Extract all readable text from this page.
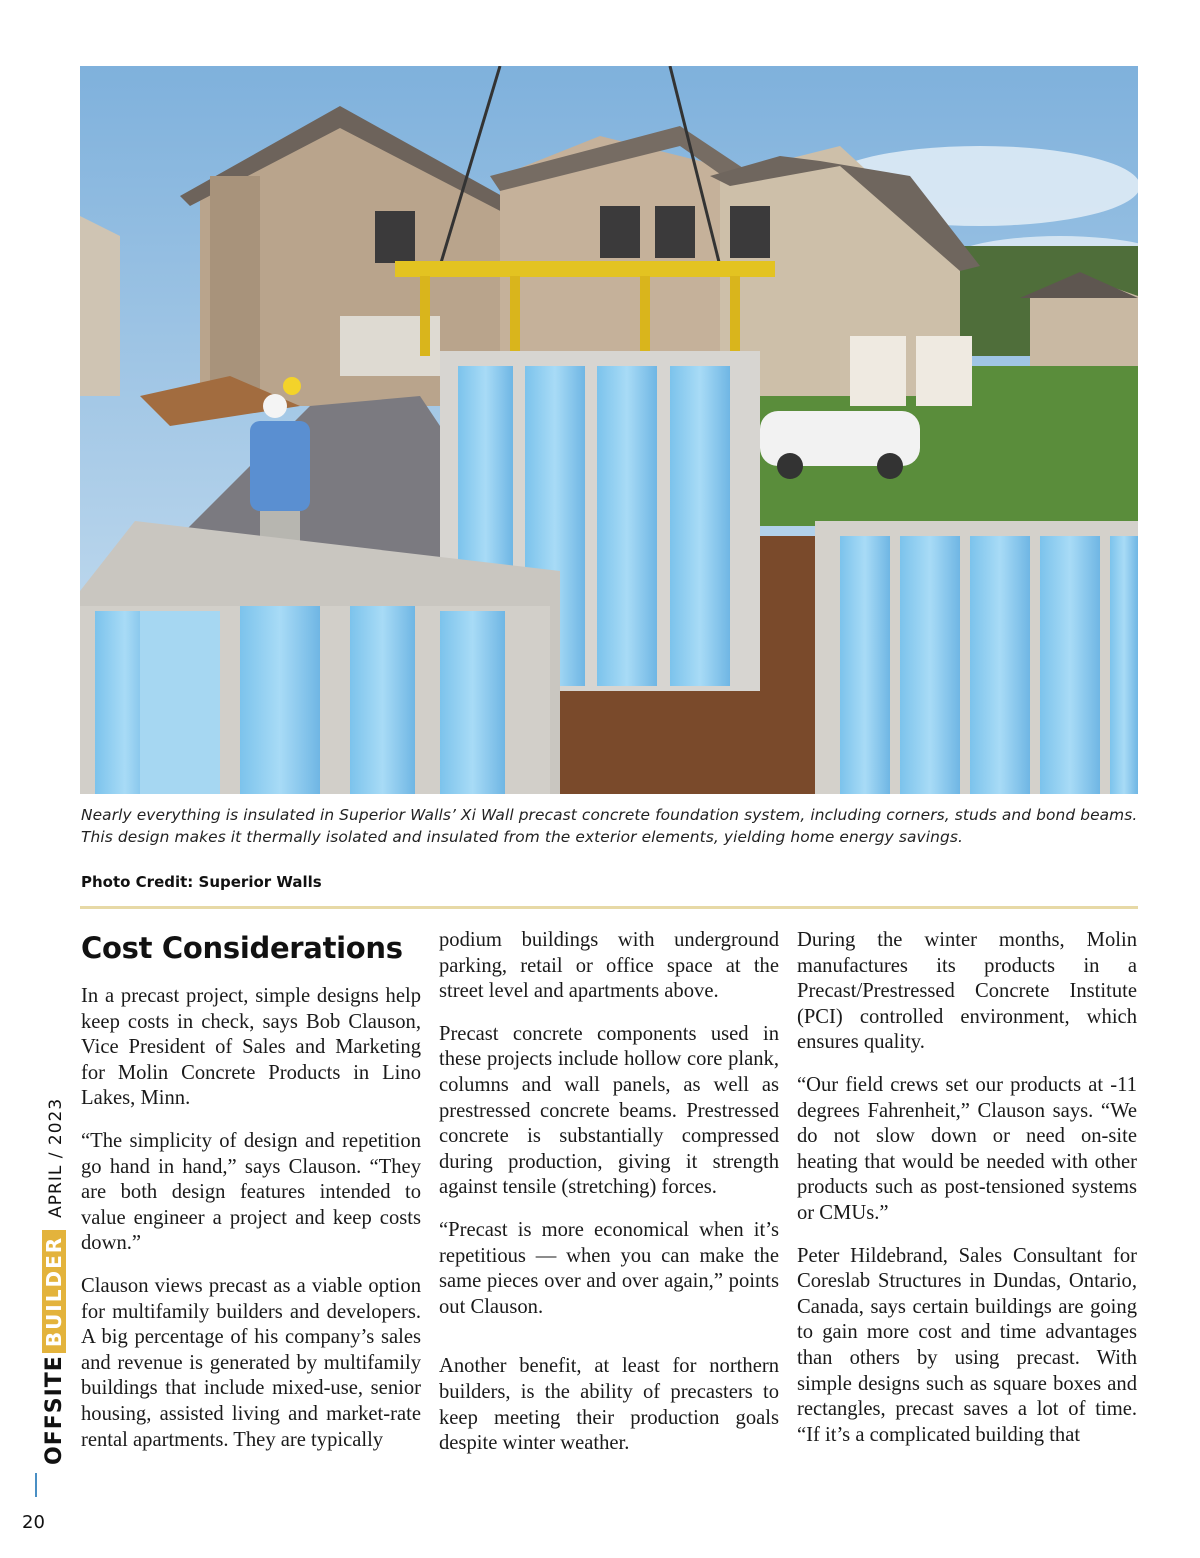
Nearly everything is insulated in Superior Walls’ Xi Wall precast concrete foundation system, including corners, studs and bond beams. This design makes it thermally isolated and insulated from the exterior elements, yielding home energy savings.
Photo Credit: Superior Walls
Cost Considerations

In a precast project, simple designs help keep costs in check, says Bob Clauson, Vice President of Sales and Marketing for Molin Concrete Products in Lino Lakes, Minn.

“The simplicity of design and repetition go hand in hand,” says Clauson. “They are both design features intended to value engineer a project and keep costs down.”

Clauson views precast as a viable option for multifamily builders and developers. A big percentage of his company’s sales and revenue is generated by multifamily buildings that include mixed-use, senior housing, assisted living and market-rate rental apartments. They are typically

podium buildings with underground parking, retail or office space at the street level and apartments above.

Precast concrete components used in these projects include hollow core plank, columns and wall panels, as well as prestressed concrete beams. Prestressed concrete is substantially compressed during production, giving it strength against tensile (stretching) forces.

“Precast is more economical when it’s repetitious — when you can make the same pieces over and over again,” points out Clauson.

Another benefit, at least for northern builders, is the ability of precasters to keep meeting their production goals despite winter weather.

During the winter months, Molin manufactures its products in a Precast/Prestressed Concrete Institute (PCI) controlled environment, which ensures quality.

“Our field crews set our products at -11 degrees Fahrenheit,” Clauson says. “We do not slow down or need on-site heating that would be needed with other products such as post-tensioned systems or CMUs.”

Peter Hildebrand, Sales Consultant for Coreslab Structures in Dundas, Ontario, Canada, says certain buildings are going to gain more cost and time advantages than others by using precast. With simple designs such as square boxes and rectangles, precast saves a lot of time. “If it’s a complicated building that

OFFSITEBUILDERAPRIL / 2023
20
